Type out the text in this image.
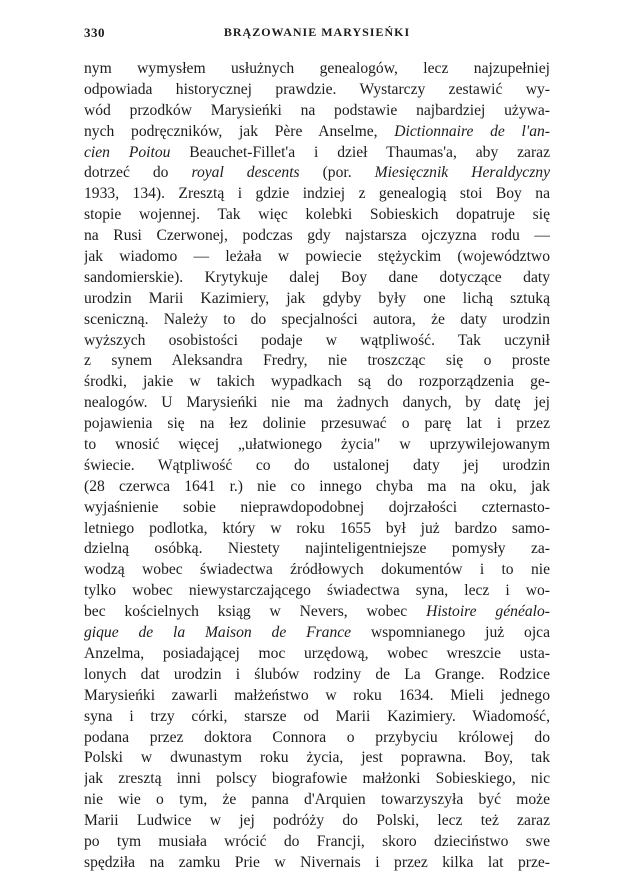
330	BRĄZOWANIE MARYSIEŃKI
nym wymysłem usłużnych genealogów, lecz najzupełniej
odpowiada historycznej prawdzie. Wystarczy zestawić wy-
wód przodków Marysieńki na podstawie najbardziej używa-
nych podręczników, jak Père Anselme, Dictionnaire de l'an-
cien Poitou Beauchet-Fillet'a i dzieł Thaumas'a, aby zaraz
dotrzeć do royal descents (por. Miesięcznik Heraldyczny
1933, 134). Zresztą i gdzie indziej z genealogią stoi Boy na
stopie wojennej. Tak więc kolebki Sobieskich dopatruje się
na Rusi Czerwonej, podczas gdy najstarsza ojczyzna rodu —
jak wiadomo — leżała w powiecie stężyckim (województwo
sandomierskie). Krytykuje dalej Boy dane dotyczące daty
urodzin Marii Kazimiery, jak gdyby były one lichą sztuką
sceniczną. Należy to do specjalności autora, że daty urodzin
wyższych osobistości podaje w wątpliwość. Tak uczynił
z synem Aleksandra Fredry, nie troszcząc się o proste
środki, jakie w takich wypadkach są do rozporządzenia ge-
nealogów. U Marysieńki nie ma żadnych danych, by datę jej
pojawienia się na łez dolinie przesuwać o parę lat i przez
to wnosić więcej „ułatwionego życia" w uprzywilejowanym
świecie. Wątpliwość co do ustalonej daty jej urodzin
(28 czerwca 1641 r.) nie co innego chyba ma na oku, jak
wyjaśnienie sobie nieprawdopodobnej dojrzałości czternasto-
letniego podlotka, który w roku 1655 był już bardzo samo-
dzielną osóbką. Niestety najinteligentniejsze pomysły za-
wodzą wobec świadectwa źródłowych dokumentów i to nie
tylko wobec niewystarczającego świadectwa syna, lecz i wo-
bec kościelnych ksiąg w Nevers, wobec Histoire généalo-
gique de la Maison de France wspomnianego już ojca
Anzelma, posiadającej moc urzędową, wobec wreszcie usta-
lonych dat urodzin i ślubów rodziny de La Grange. Rodzice
Marysieńki zawarli małżeństwo w roku 1634. Mieli jednego
syna i trzy córki, starsze od Marii Kazimiery. Wiadomość,
podana przez doktora Connora o przybyciu królowej do
Polski w dwunastym roku życia, jest poprawna. Boy, tak
jak zresztą inni polscy biografowie małżonki Sobieskiego, nic
nie wie o tym, że panna d'Arquien towarzyszyła być może
Marii Ludwice w jej podróży do Polski, lecz też zaraz
po tym musiała wrócić do Francji, skoro dzieciństwo swe
spędziła na zamku Prie w Nivernais i przez kilka lat prze-
